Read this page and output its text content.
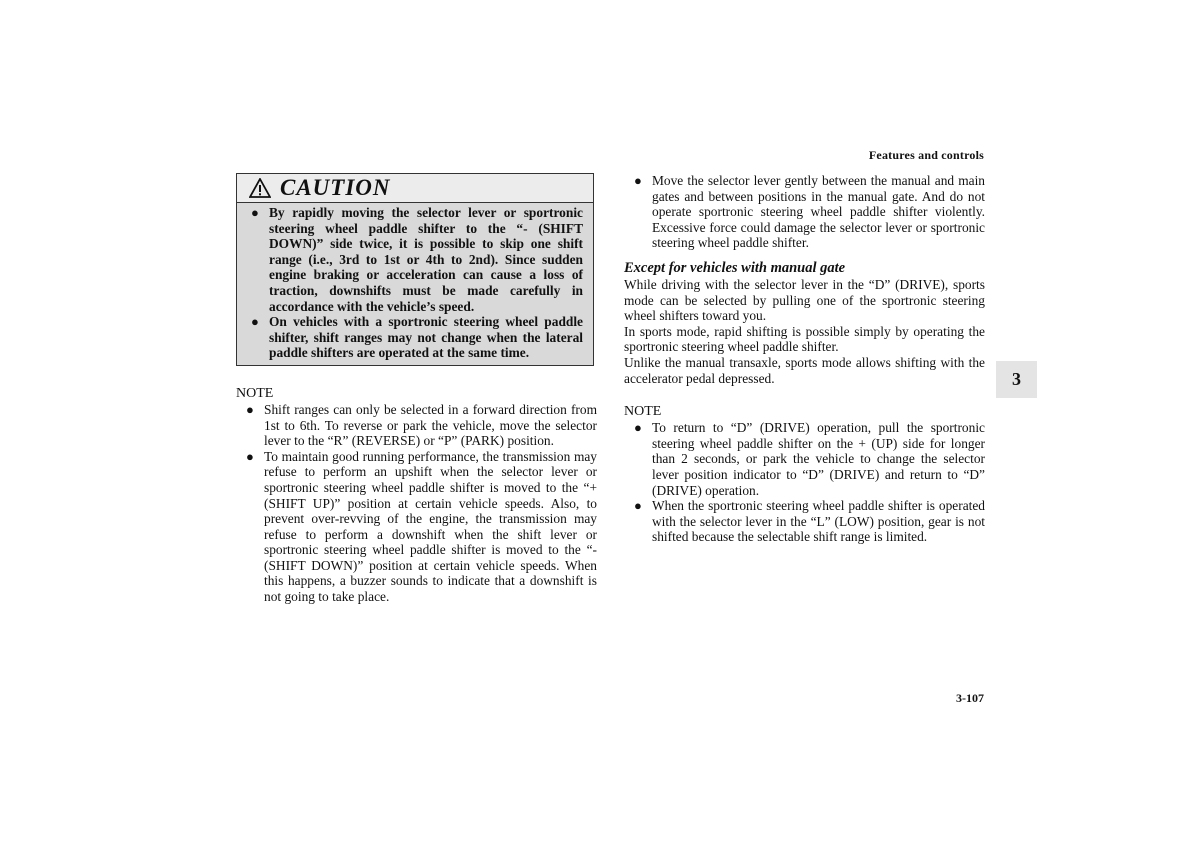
Features and controls
CAUTION
● By rapidly moving the selector lever or sportronic steering wheel paddle shifter to the “- (SHIFT DOWN)” side twice, it is possible to skip one shift range (i.e., 3rd to 1st or 4th to 2nd). Since sudden engine braking or acceleration can cause a loss of traction, downshifts must be made carefully in accordance with the vehicle’s speed.
● On vehicles with a sportronic steering wheel paddle shifter, shift ranges may not change when the lateral paddle shifters are operated at the same time.
NOTE
● Shift ranges can only be selected in a forward direction from 1st to 6th. To reverse or park the vehicle, move the selector lever to the “R” (REVERSE) or “P” (PARK) position.
● To maintain good running performance, the transmission may refuse to perform an upshift when the selector lever or sportronic steering wheel paddle shifter is moved to the “+ (SHIFT UP)” position at certain vehicle speeds. Also, to prevent over-revving of the engine, the transmission may refuse to perform a downshift when the shift lever or sportronic steering wheel paddle shifter is moved to the “- (SHIFT DOWN)” position at certain vehicle speeds. When this happens, a buzzer sounds to indicate that a downshift is not going to take place.
● Move the selector lever gently between the manual and main gates and between positions in the manual gate. And do not operate sportronic steering wheel paddle shifter violently. Excessive force could damage the selector lever or sportronic steering wheel paddle shifter.
Except for vehicles with manual gate
While driving with the selector lever in the “D” (DRIVE), sports mode can be selected by pulling one of the sportronic steering wheel shifters toward you.
In sports mode, rapid shifting is possible simply by operating the sportronic steering wheel paddle shifter.
Unlike the manual transaxle, sports mode allows shifting with the accelerator pedal depressed.
NOTE
● To return to “D” (DRIVE) operation, pull the sportronic steering wheel paddle shifter on the + (UP) side for longer than 2 seconds, or park the vehicle to change the selector lever position indicator to “D” (DRIVE) and return to “D” (DRIVE) operation.
● When the sportronic steering wheel paddle shifter is operated with the selector lever in the “L” (LOW) position, gear is not shifted because the selectable shift range is limited.
3
3-107
